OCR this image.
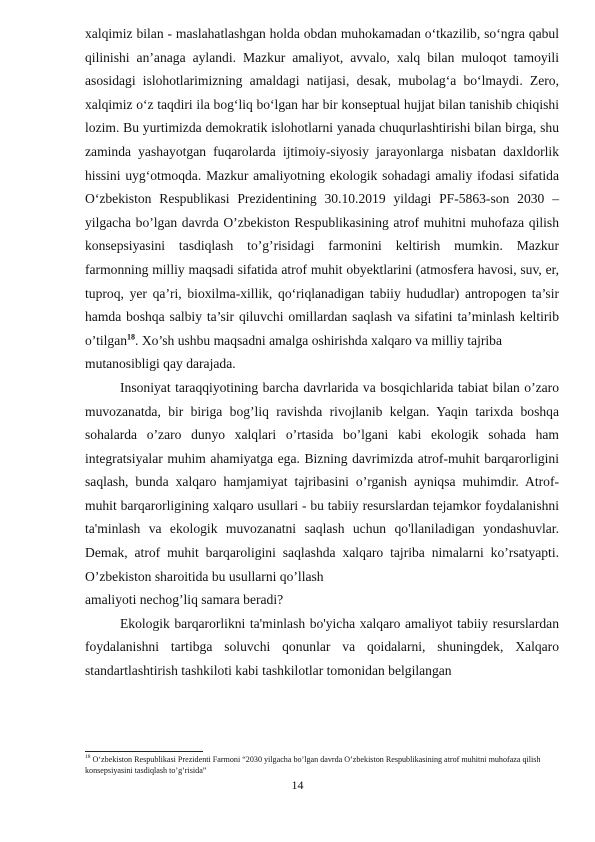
xalqimiz bilan - maslahatlashgan holda obdan muhokamadan o‘tkazilib, so‘ngra qabul qilinishi an’anaga aylandi. Mazkur amaliyot, avvalo, xalq bilan muloqot tamoyili asosidagi islohotlarimizning amaldagi natijasi, desak, mubolag‘a bo‘lmaydi. Zero, xalqimiz o‘z taqdiri ila bog‘liq bo‘lgan har bir konseptual hujjat bilan tanishib chiqishi lozim. Bu yurtimizda demokratik islohotlarni yanada chuqurlashtirishi bilan birga, shu zaminda yashayotgan fuqarolarda ijtimoiy-siyosiy jarayonlarga nisbatan daxldorlik hissini uyg‘otmoqda. Mazkur amaliyotning ekologik sohadagi amaliy ifodasi sifatida O‘zbekiston Respublikasi Prezidentining 30.10.2019 yildagi PF-5863-son 2030 – yilgacha bo’lgan davrda O’zbekiston Respublikasining atrof muhitni muhofaza qilish konsepsiyasini tasdiqlash to’g’risidagi farmonini keltirish mumkin. Mazkur farmonning milliy maqsadi sifatida atrof muhit obyektlarini (atmosfera havosi, suv, er, tuproq, yer qa’ri, bioxilma-xillik, qo‘riqlanadigan tabiiy hududlar) antropogen ta’sir hamda boshqa salbiy ta’sir qiluvchi omillardan saqlash va sifatini ta’minlash keltirib o’tilgan$^{18}$. Xo’sh ushbu maqsadni amalga oshirishda xalqaro va milliy tajriba
mutanosibligi qay darajada.

Insoniyat taraqqiyotining barcha davrlarida va bosqichlarida tabiat bilan o’zaro muvozanatda, bir biriga bog’liq ravishda rivojlanib kelgan. Yaqin tarixda boshqa sohalarda o’zaro dunyo xalqlari o’rtasida bo’lgani kabi ekologik sohada ham integratsiyalar muhim ahamiyatga ega. Bizning davrimizda atrof-muhit barqarorligini saqlash, bunda xalqaro hamjamiyat tajribasini o’rganish ayniqsa muhimdir. Atrof-muhit barqarorligining xalqaro usullari - bu tabiiy resurslardan tejamkor foydalanishni ta'minlash va ekologik muvozanatni saqlash uchun qo'llaniladigan yondashuvlar. Demak, atrof muhit barqaroligini saqlashda xalqaro tajriba nimalarni ko’rsatyapti. O’zbekiston sharoitida bu usullarni qo’llash
amaliyoti nechog’liq samara beradi?

Ekologik barqarorlikni ta'minlash bo'yicha xalqaro amaliyot tabiiy resurslardan foydalanishni tartibga soluvchi qonunlar va qoidalarni, shuningdek, Xalqaro standartlashtirish tashkiloti kabi tashkilotlar tomonidan belgilangan

$^{18}$ O‘zbekiston Respublikasi Prezidenti Farmoni “2030 yilgacha bo’lgan davrda O’zbekiston Respublikasining atrof muhitni muhofaza qilish konsepsiyasini tasdiqlash to’g’risida”
14
